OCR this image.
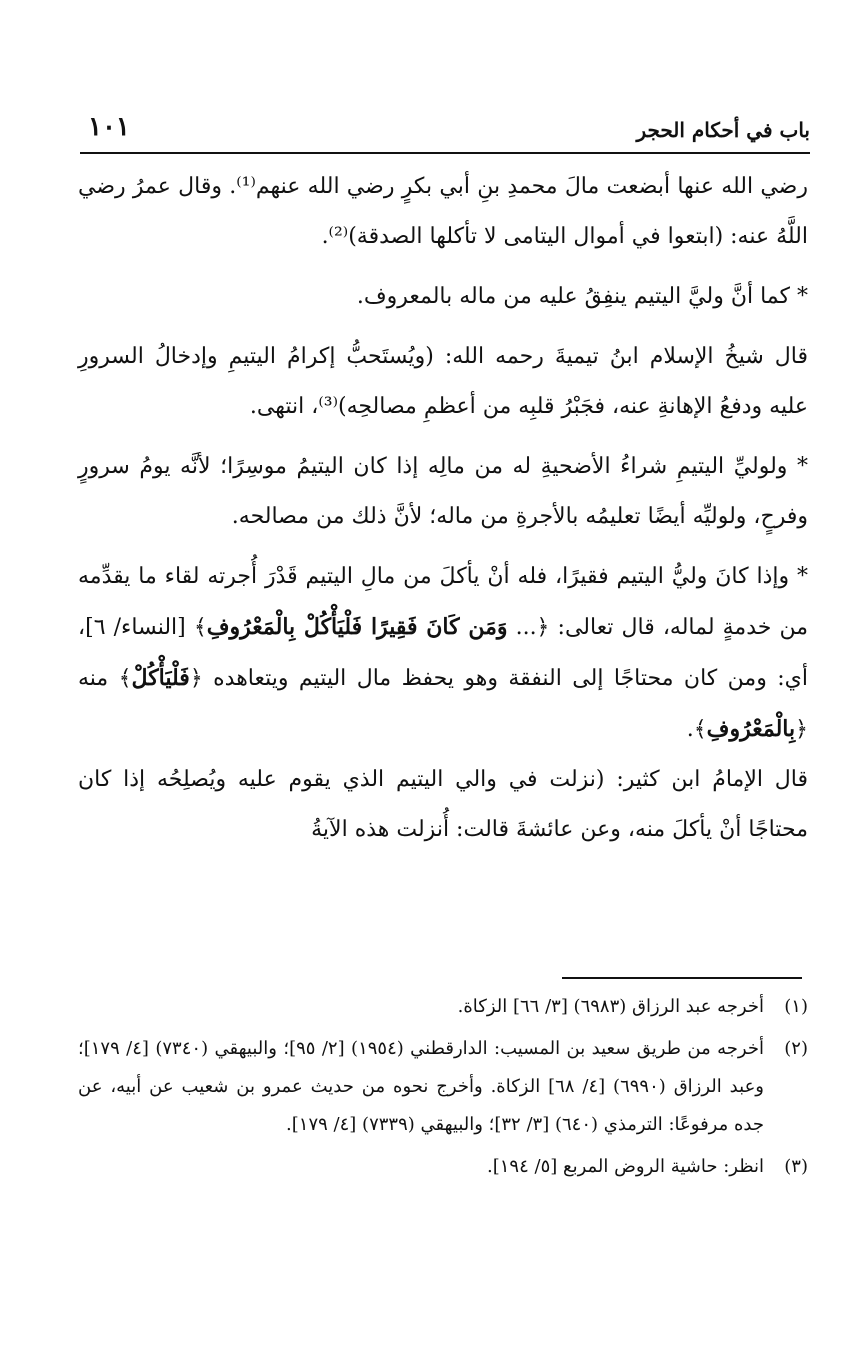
١٠١	باب في أحكام الحجر

رضي الله عنها أبضعت مالَ محمدِ بنِ أبي بكرٍ رضي الله عنهم⁽¹⁾. وقال عمرُ رضي اللَّهُ عنه: (ابتعوا في أموال اليتامى لا تأكلها الصدقة)⁽²⁾.

* كما أنَّ وليَّ اليتيم ينفِقُ عليه من ماله بالمعروف.

قال شيخُ الإسلام ابنُ تيميةَ رحمه الله: (ويُستَحبُّ إكرامُ اليتيمِ وإدخالُ السرورِ عليه ودفعُ الإهانةِ عنه، فجَبْرُ قلبِه من أعظمِ مصالحِه)⁽³⁾، انتهى.

* ولوليِّ اليتيمِ شراءُ الأضحيةِ له من مالِه إذا كان اليتيمُ موسِرًا؛ لأنَّه يومُ سرورٍ وفرحٍ، ولوليِّه أيضًا تعليمُه بالأجرةِ من ماله؛ لأنَّ ذلك من مصالحه.

* وإذا كانَ وليُّ اليتيم فقيرًا، فله أنْ يأكلَ من مالِ اليتيم قَدْرَ أُجرته لقاء ما يقدِّمه من خدمةٍ لماله، قال تعالى: ﴿... وَمَن كَانَ فَقِيرًا فَلْيَأْكُلْ بِالْمَعْرُوفِ﴾ [النساء/ ٦]، أي: ومن كان محتاجًا إلى النفقة وهو يحفظ مال اليتيم ويتعاهده ﴿فَلْيَأْكُلْ﴾ منه ﴿بِالْمَعْرُوفِ﴾.

قال الإمامُ ابن كثير: (نزلت في والي اليتيم الذي يقوم عليه ويُصلِحُه إذا كان محتاجًا أنْ يأكلَ منه، وعن عائشةَ قالت: أُنزلت هذه الآيةُ

(١)
أخرجه عبد الرزاق (٦٩٨٣) [٣/ ٦٦] الزكاة.
(٢)
أخرجه من طريق سعيد بن المسيب: الدارقطني (١٩٥٤) [٢/ ٩٥]؛ والبيهقي (٧٣٤٠) [٤/ ١٧٩]؛ وعبد الرزاق (٦٩٩٠) [٤/ ٦٨] الزكاة. وأخرج نحوه من حديث عمرو بن شعيب عن أبيه، عن جده مرفوعًا: الترمذي (٦٤٠) [٣/ ٣٢]؛ والبيهقي (٧٣٣٩) [٤/ ١٧٩].
(٣)
انظر: حاشية الروض المربع [٥/ ١٩٤].
